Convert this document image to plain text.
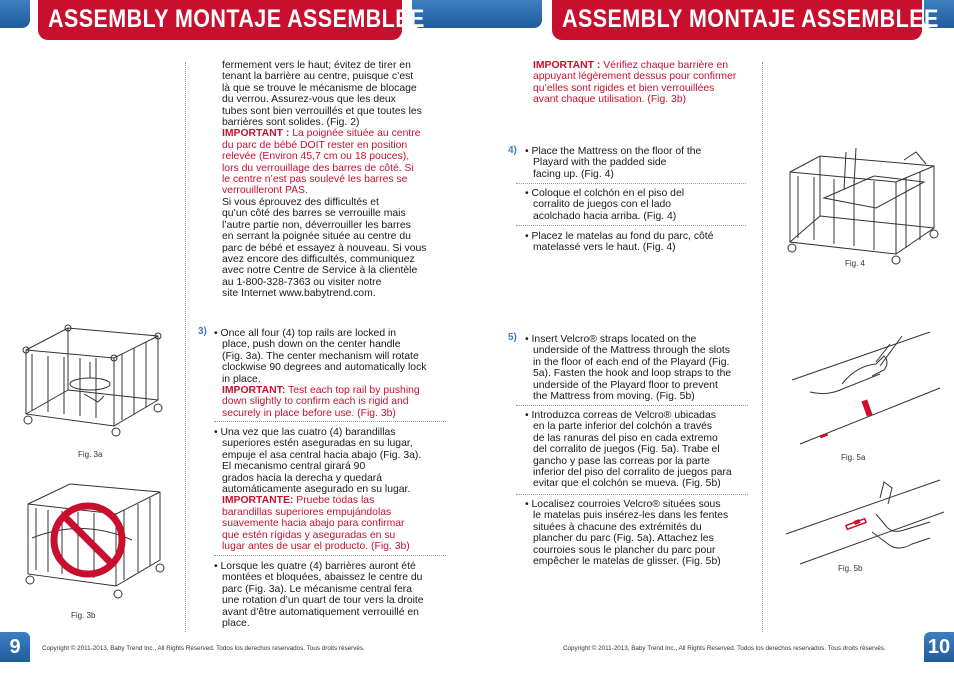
ASSEMBLY MONTAJE ASSEMBLEE	ASSEMBLY MONTAJE ASSEMBLEE
fermement vers le haut; évitez de tirer en
tenant la barrière au centre, puisque c’est
là que se trouve le mécanisme de blocage
du verrou. Assurez-vous que les deux
tubes sont bien verrouillés et que toutes les
barrières sont solides. (Fig. 2)
IMPORTANT : La poignée située au centre
du parc de bébé DOIT rester en position
relevée (Environ 45,7 cm ou 18 pouces),
lors du verrouillage des barres de côté. Si
le centre n’est pas soulevé les barres se
verrouilleront PAS.
Si vous éprouvez des difficultés et
qu’un côté des barres se verrouille mais
l’autre partie non, déverrouiller les barres
en serrant la poignée située au centre du
parc de bébé et essayez à nouveau. Si vous
avez encore des difficultés, communiquez
avec notre Centre de Service à la clientèle
au 1-800-328-7363 ou visiter notre
site Internet www.babytrend.com.
3) • Once all four (4) top rails are locked in
place, push down on the center handle
(Fig. 3a). The center mechanism will rotate
clockwise 90 degrees and automatically lock
in place.
IMPORTANT: Test each top rail by pushing
down slightly to confirm each is rigid and
securely in place before use. (Fig. 3b)
• Una vez que las cuatro (4) barandillas
superiores estén aseguradas en su lugar,
empuje el asa central hacia abajo (Fig. 3a).
El mecanismo central girará 90
grados hacia la derecha y quedará
automáticamente asegurado en su lugar.
IMPORTANTE: Pruebe todas las
barandillas superiores empujándolas
suavemente hacia abajo para confirmar
que estén rígidas y aseguradas en su
lugar antes de usar el producto. (Fig. 3b)
• Lorsque les quatre (4) barrières auront été
montées et bloquées, abaissez le centre du
parc (Fig. 3a). Le mécanisme central fera
une rotation d’un quart de tour vers la droite
avant d’être automatiquement verrouillé en
place.
Fig. 3a
Fig. 3b
9	Copyright © 2011-2013, Baby Trend Inc., All Rights Reserved. Todos los derechos reservados. Tous droits réservés.
IMPORTANT : Vérifiez chaque barrière en
appuyant légèrement dessus pour confirmer
qu’elles sont rigides et bien verrouillées
avant chaque utilisation. (Fig. 3b)
4) • Place the Mattress on the floor of the
Playard with the padded side
facing up. (Fig. 4)
• Coloque el colchón en el piso del
corralito de juegos con el lado
acolchado hacia arriba. (Fig. 4)
• Placez le matelas au fond du parc, côté
matelassé vers le haut. (Fig. 4)
5) • Insert Velcro® straps located on the
underside of the Mattress through the slots
in the floor of each end of the Playard (Fig.
5a). Fasten the hook and loop straps to the
underside of the Playard floor to prevent
the Mattress from moving. (Fig. 5b)
• Introduzca correas de Velcro® ubicadas
en la parte inferior del colchón a través
de las ranuras del piso en cada extremo
del corralito de juegos (Fig. 5a). Trabe el
gancho y pase las correas por la parte
inferior del piso del corralito de juegos para
evitar que el colchón se mueva. (Fig. 5b)
• Localisez courroies Velcro® situées sous
le matelas puis insérez-les dans les fentes
situées à chacune des extrémités du
plancher du parc (Fig. 5a). Attachez les
courroies sous le plancher du parc pour
empêcher le matelas de glisser. (Fig. 5b)
Fig. 4
Fig. 5a
Fig. 5b
Copyright © 2011-2013, Baby Trend Inc., All Rights Reserved. Todos los derechos reservados. Tous droits réservés. 10
